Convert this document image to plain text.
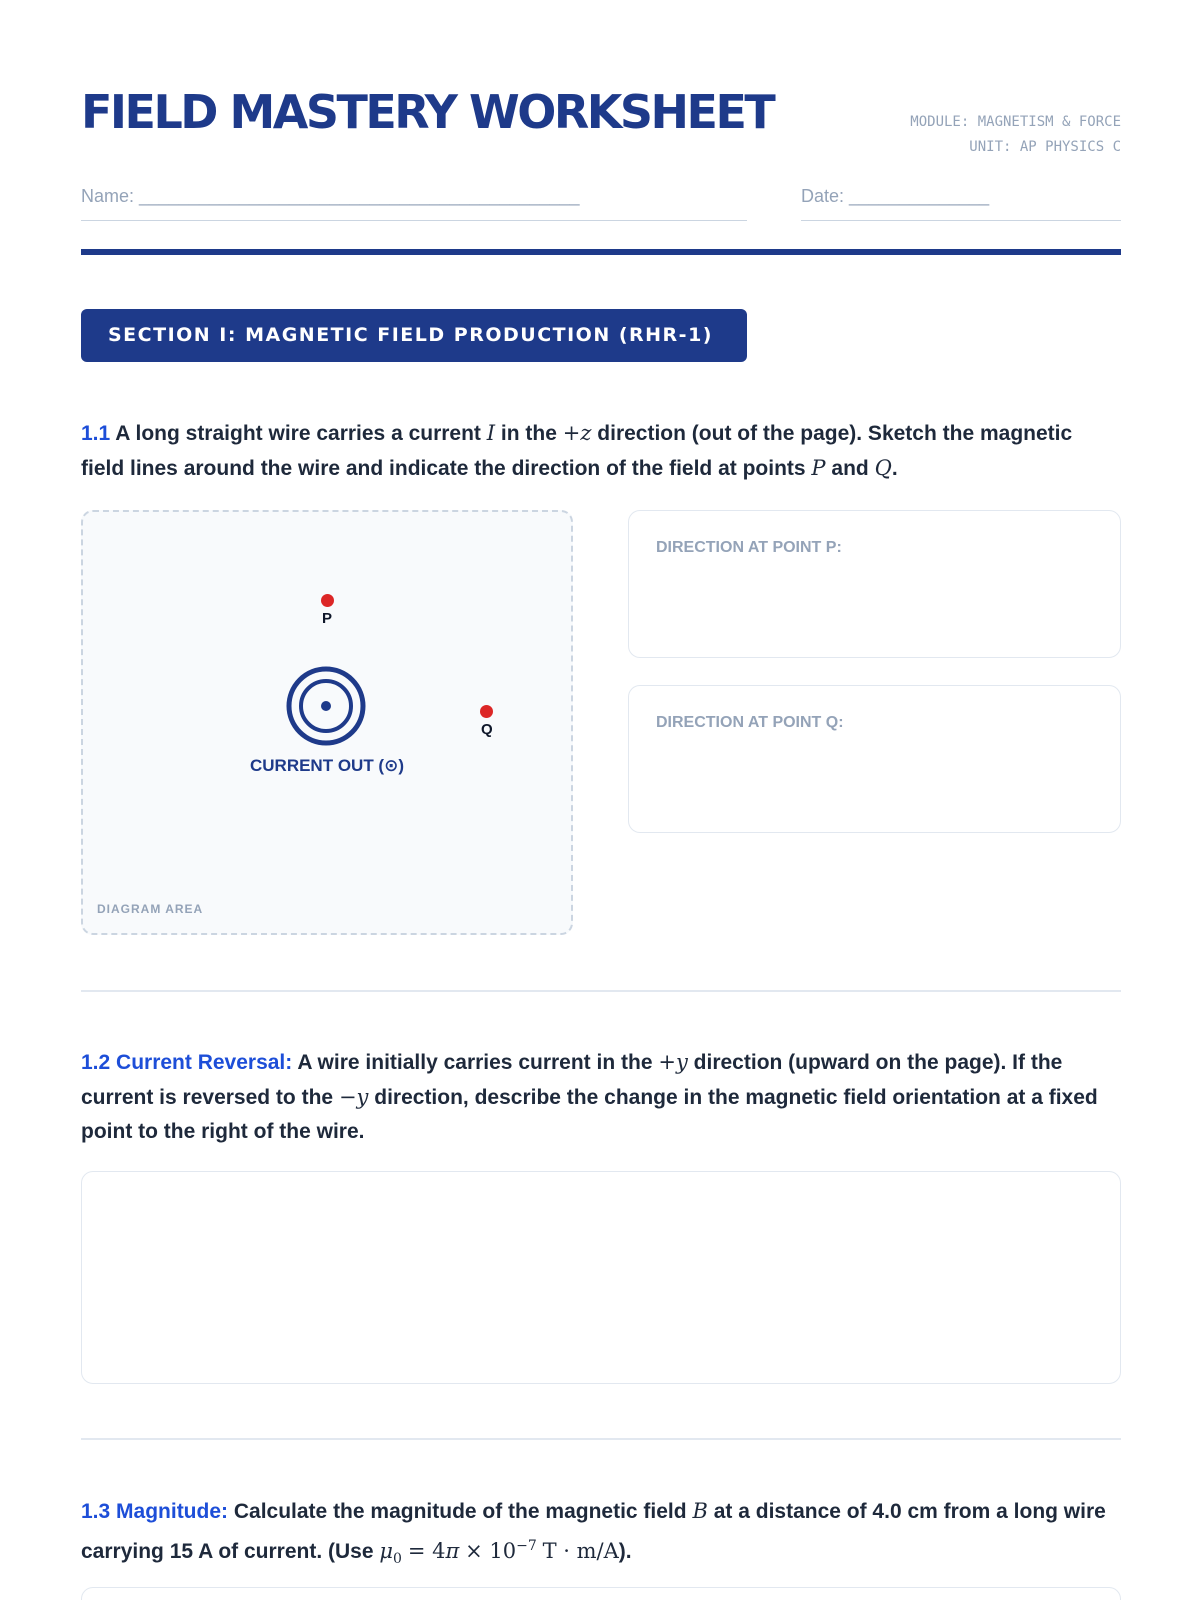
FIELD MASTERY WORKSHEET	MODULE: MAGNETISM & FORCE
UNIT: AP PHYSICS C
Name: ____________________________________________	Date: ______________
SECTION I: MAGNETIC FIELD PRODUCTION (RHR-1)
1.1 A long straight wire carries a current I in the +z direction (out of the page). Sketch the magnetic field lines around the wire and indicate the direction of the field at points P and Q.
P
Q
CURRENT OUT (⊙)
DIAGRAM AREA
DIRECTION AT POINT P:
DIRECTION AT POINT Q:
1.2 Current Reversal: A wire initially carries current in the +y direction (upward on the page). If the current is reversed to the −y direction, describe the change in the magnetic field orientation at a fixed point to the right of the wire.
1.3 Magnitude: Calculate the magnitude of the magnetic field B at a distance of 4.0 cm from a long wire carrying 15 A of current. (Use $\mu_0 = 4\pi \times 10^{-7}$ T · m/A).
